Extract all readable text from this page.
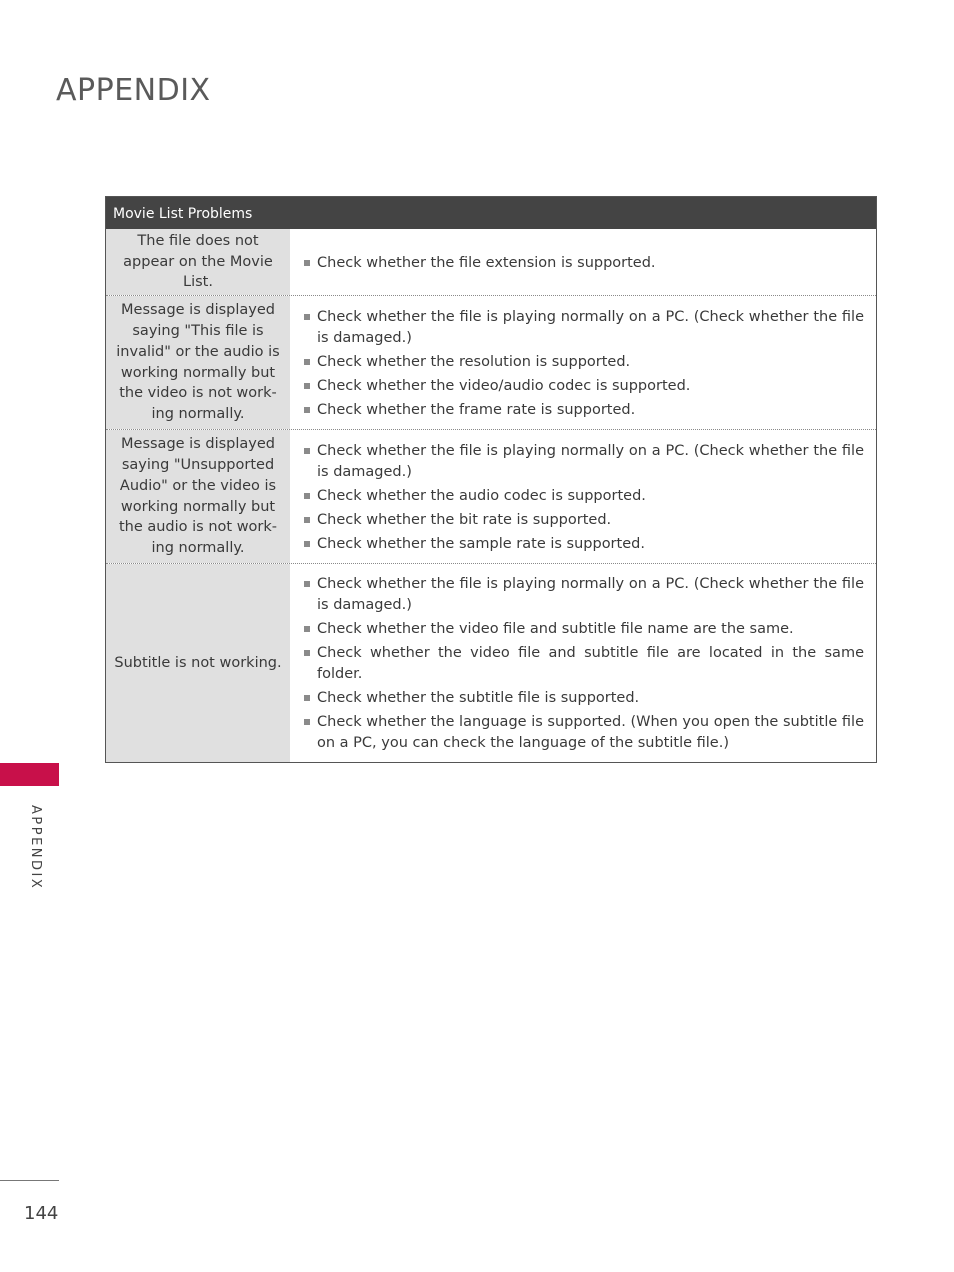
APPENDIX
Movie List Problems
The file does not appear on the Movie List.
Check whether the file extension is supported.
Message is displayed saying "This file is invalid" or the audio is working normally but the video is not work-ing normally.
Check whether the file is playing normally on a PC. (Check whether the file is damaged.)
Check whether the resolution is supported.
Check whether the video/audio codec is supported.
Check whether the frame rate is supported.
Message is displayed saying "Unsupported Audio" or the video is working normally but the audio is not work-ing normally.
Check whether the file is playing normally on a PC. (Check whether the file is damaged.)
Check whether the audio codec is supported.
Check whether the bit rate is supported.
Check whether the sample rate is supported.
Subtitle is not working.
Check whether the file is playing normally on a PC. (Check whether the file is damaged.)
Check whether the video file and subtitle file name are the same.
Check whether the video file and subtitle file are located in the same folder.
Check whether the subtitle file is supported.
Check whether the language is supported. (When you open the subtitle file on a PC, you can check the language of the subtitle file.)
APPENDIX
144
